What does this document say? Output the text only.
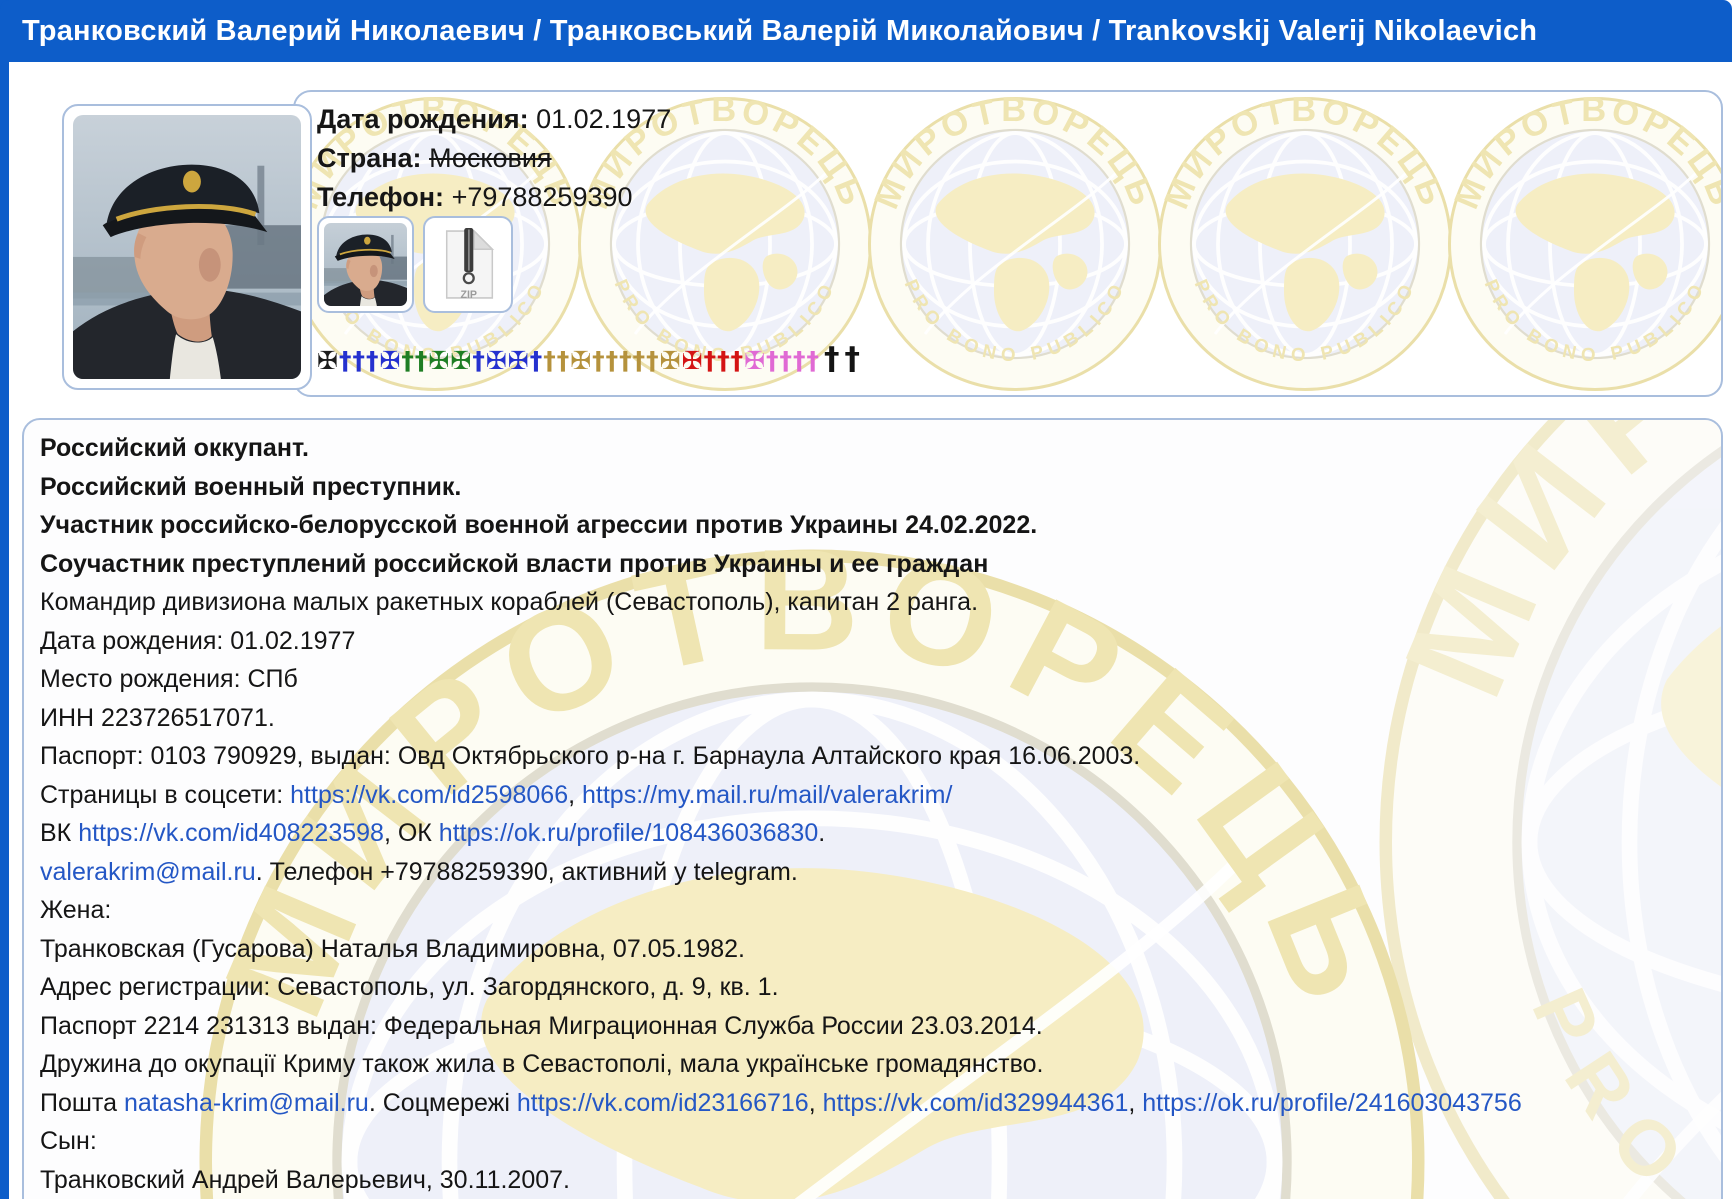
Транковский Валерий Николаевич / Транковський Валерій Миколайович / Trankovskij Valerij Nikolaevich

Дата рождения: 01.02.1977

Страна: Московия

Телефон: +79788259390

✠†††✠††✠✠†✠✠†††✠†††††✠✠†††✠†††† † †

Российский оккупант.

Российский военный преступник.

Участник российско-белорусской военной агрессии против Украины 24.02.2022.

Соучастник преступлений российской власти против Украины и ее граждан

Командир дивизиона малых ракетных кораблей (Севастополь), капитан 2 ранга.

Дата рождения: 01.02.1977

Место рождения: СПб

ИНН 223726517071.

Паспорт: 0103 790929, выдан: Овд Октябрьского р-на г. Барнаула Алтайского края 16.06.2003.

Страницы в соцсети: https://vk.com/id2598066, https://my.mail.ru/mail/valerakrim/

ВК https://vk.com/id408223598, ОК https://ok.ru/profile/108436036830.

valerakrim@mail.ru. Телефон +79788259390, активний у telegram.

Жена:

Транковская (Гусарова) Наталья Владимировна, 07.05.1982.

Адрес регистрации: Севастополь, ул. Загордянского, д. 9, кв. 1.

Паспорт 2214 231313 выдан: Федеральная Миграционная Служба России 23.03.2014.

Дружина до окупації Криму також жила в Севастополі, мала українське громадянство.

Пошта natasha-krim@mail.ru. Соцмережі https://vk.com/id23166716, https://vk.com/id329944361, https://ok.ru/profile/241603043756

Сын:

Транковский Андрей Валерьевич, 30.11.2007.
